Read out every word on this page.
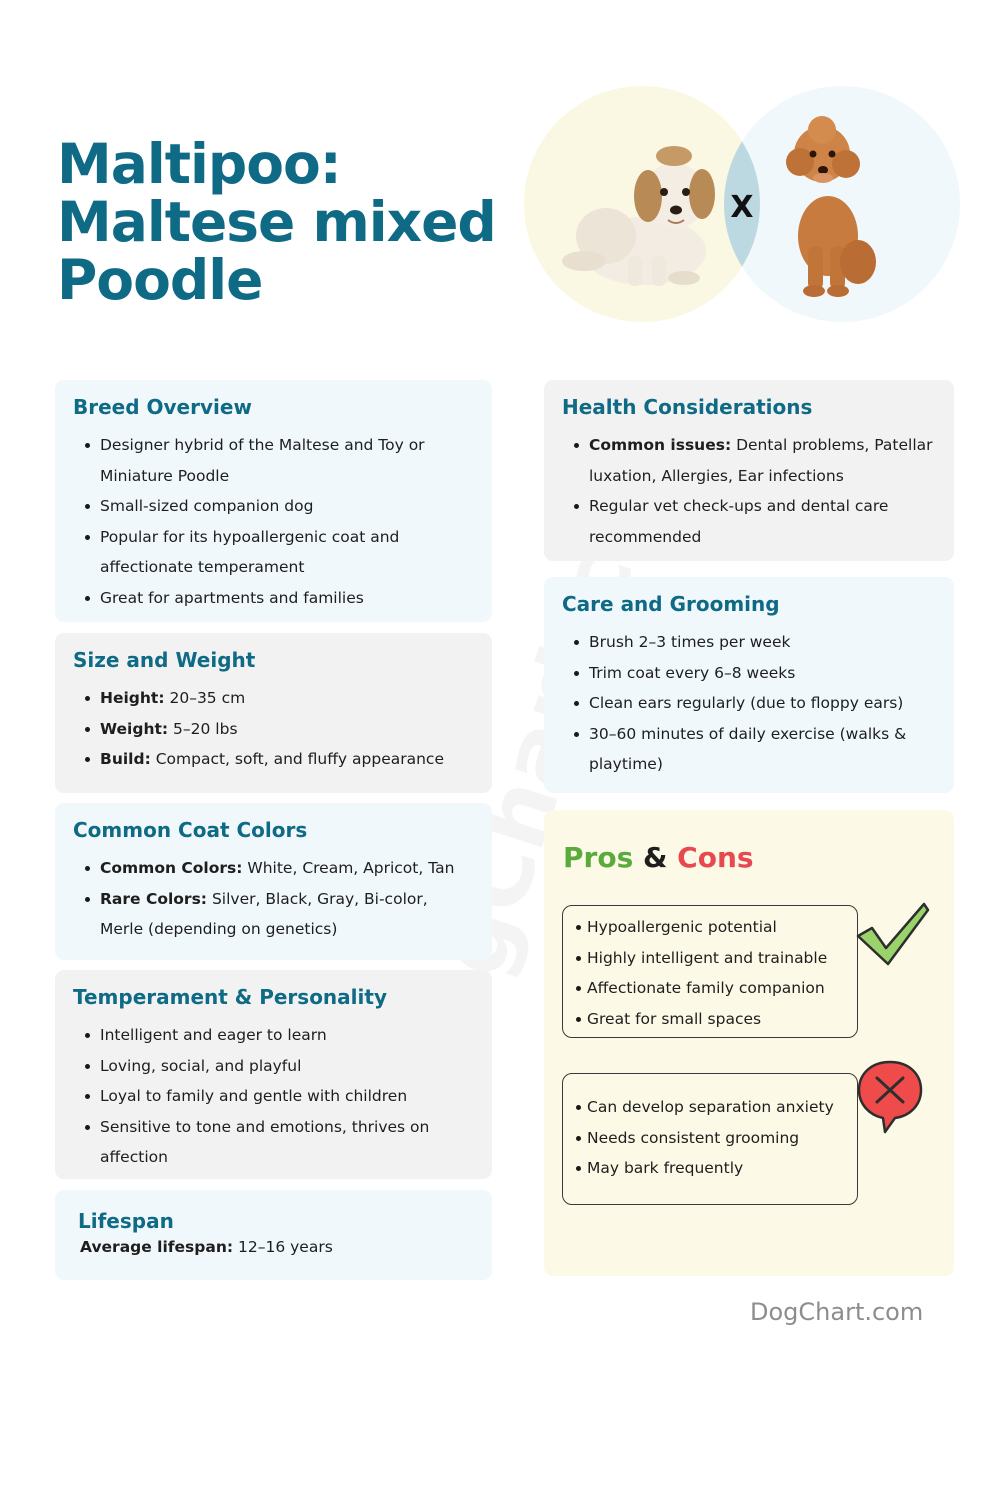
Maltipoo:
Maltese mixed
Poodle
X
Breed Overview
Designer hybrid of the Maltese and Toy or Miniature Poodle
Small-sized companion dog
Popular for its hypoallergenic coat and affectionate temperament
Great for apartments and families
Size and Weight
Height: 20–35 cm
Weight: 5–20 lbs
Build: Compact, soft, and fluffy appearance
Common Coat Colors
Common Colors: White, Cream, Apricot, Tan
Rare Colors: Silver, Black, Gray, Bi-color, Merle (depending on genetics)
Temperament & Personality
Intelligent and eager to learn
Loving, social, and playful
Loyal to family and gentle with children
Sensitive to tone and emotions, thrives on affection
Lifespan
Average lifespan: 12–16 years
Health Considerations
Common issues: Dental problems, Patellar luxation, Allergies, Ear infections
Regular vet check-ups and dental care recommended
Care and Grooming
Brush 2–3 times per week
Trim coat every 6–8 weeks
Clean ears regularly (due to floppy ears)
30–60 minutes of daily exercise (walks & playtime)
Pros & Cons
Hypoallergenic potential
Highly intelligent and trainable
Affectionate family companion
Great for small spaces
Can develop separation anxiety
Needs consistent grooming
May bark frequently
DogChart.com
